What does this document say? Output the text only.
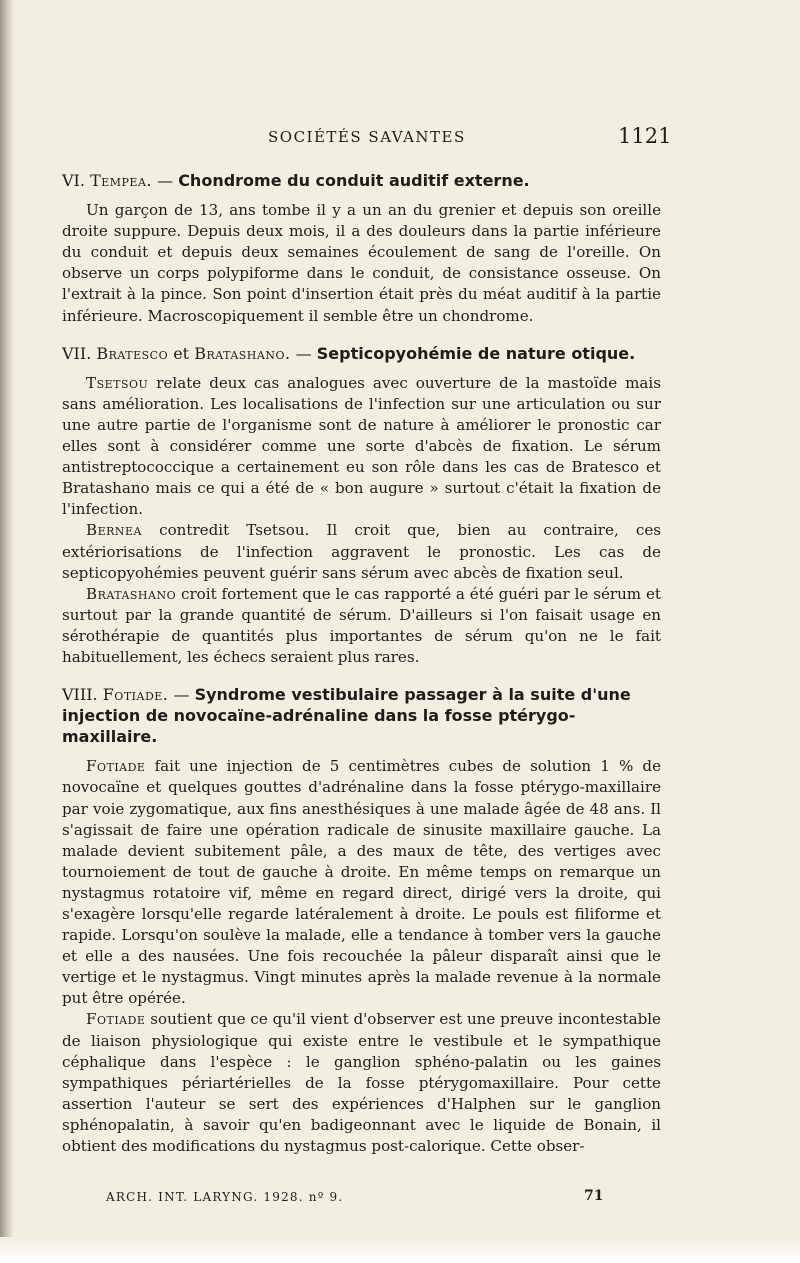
SOCIÉTÉS SAVANTES	1121

VI. Tempea. — Chondrome du conduit auditif externe.

Un garçon de 13, ans tombe il y a un an du grenier et depuis son oreille droite suppure. Depuis deux mois, il a des douleurs dans la partie inférieure du conduit et depuis deux semaines écoulement de sang de l'oreille. On observe un corps polypiforme dans le conduit, de consistance osseuse. On l'extrait à la pince. Son point d'insertion était près du méat auditif à la partie inférieure. Macroscopiquement il semble être un chondrome.

VII. Bratesco et Bratashano. — Septicopyohémie de nature otique.

Tsetsou relate deux cas analogues avec ouverture de la mastoïde mais sans amélioration. Les localisations de l'infection sur une articulation ou sur une autre partie de l'organisme sont de nature à améliorer le pronostic car elles sont à considérer comme une sorte d'abcès de fixation. Le sérum antistreptococcique a certainement eu son rôle dans les cas de Bratesco et Bratashano mais ce qui a été de « bon augure » surtout c'était la fixation de l'infection.

Bernea contredit Tsetsou. Il croit que, bien au contraire, ces extériorisations de l'infection aggravent le pronostic. Les cas de septicopyohémies peuvent guérir sans sérum avec abcès de fixation seul.

Bratashano croit fortement que le cas rapporté a été guéri par le sérum et surtout par la grande quantité de sérum. D'ailleurs si l'on faisait usage en sérothérapie de quantités plus importantes de sérum qu'on ne le fait habituellement, les échecs seraient plus rares.

VIII. Fotiade. — Syndrome vestibulaire passager à la suite d'une injection de novocaïne-adrénaline dans la fosse ptérygo-maxillaire.

Fotiade fait une injection de 5 centimètres cubes de solution 1 % de novocaïne et quelques gouttes d'adrénaline dans la fosse ptérygo-maxillaire par voie zygomatique, aux fins anesthésiques à une malade âgée de 48 ans. Il s'agissait de faire une opération radicale de sinusite maxillaire gauche. La malade devient subitement pâle, a des maux de tête, des vertiges avec tournoiement de tout de gauche à droite. En même temps on remarque un nystagmus rotatoire vif, même en regard direct, dirigé vers la droite, qui s'exagère lorsqu'elle regarde latéralement à droite. Le pouls est filiforme et rapide. Lorsqu'on soulève la malade, elle a tendance à tomber vers la gauche et elle a des nausées. Une fois recouchée la pâleur disparaît ainsi que le vertige et le nystagmus. Vingt minutes après la malade revenue à la normale put être opérée.

Fotiade soutient que ce qu'il vient d'observer est une preuve incontestable de liaison physiologique qui existe entre le vestibule et le sympathique céphalique dans l'espèce : le ganglion sphéno-palatin ou les gaines sympathiques périartérielles de la fosse ptérygomaxillaire. Pour cette assertion l'auteur se sert des expériences d'Halphen sur le ganglion sphénopalatin, à savoir qu'en badigeonnant avec le liquide de Bonain, il obtient des modifications du nystagmus post-calorique. Cette obser-

ARCH. INT. LARYNG. 1928. nº 9.	71
